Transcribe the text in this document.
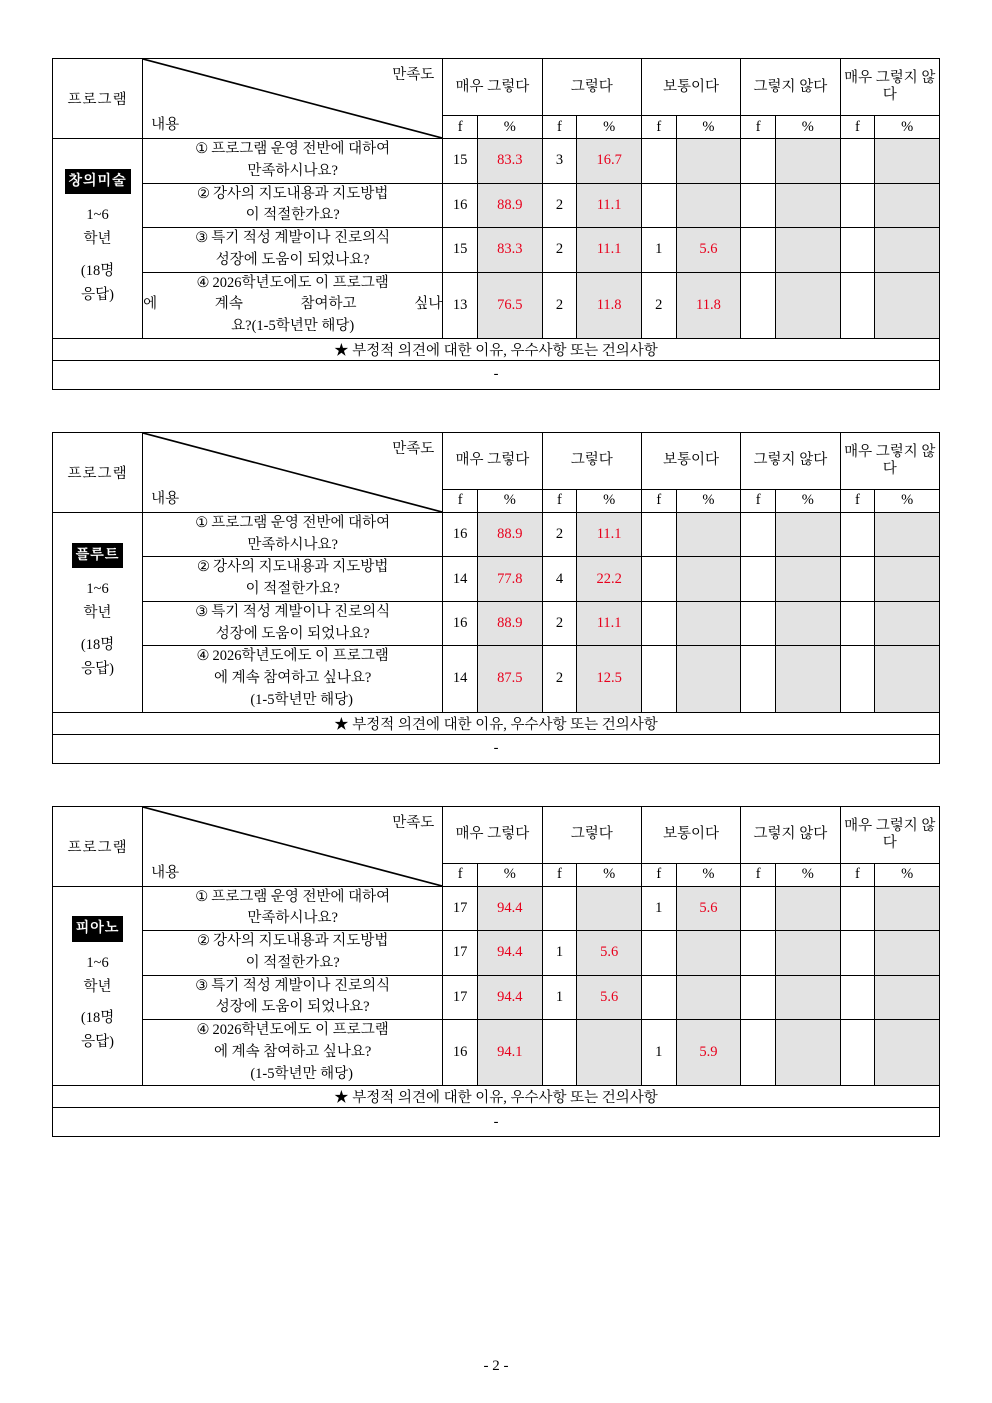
프로그램	만족도
내용	매우 그렇다		그렇다		보통이다		그렇지 않다		매우 그렇지 않다	
		f	%	f	%	f	%	f	%	f	%
창의미술
1~6
학년
(18명
응답)	① 프로그램 운영 전반에 대하여
만족하시나요?	15	83.3	3	16.7						
	② 강사의 지도내용과 지도방법
이 적절한가요?	16	88.9	2	11.1						
	③ 특기 적성 계발이나 진로의식
성장에 도움이 되었나요?	15	83.3	2	11.1	1	5.6				
	④ 2026학년도에도 이 프로그램

에 계속 참여하고 싶나
요?(1-5학년만 해당)	13	76.5	2	11.8	2	11.8				
★ 부정적 의견에 대한 이유, 우수사항 또는 건의사항											
-											
프로그램	만족도
내용	매우 그렇다		그렇다		보통이다		그렇지 않다		매우 그렇지 않다	
		f	%	f	%	f	%	f	%	f	%
플루트
1~6
학년
(18명
응답)	① 프로그램 운영 전반에 대하여
만족하시나요?	16	88.9	2	11.1						
	② 강사의 지도내용과 지도방법
이 적절한가요?	14	77.8	4	22.2						
	③ 특기 적성 계발이나 진로의식
성장에 도움이 되었나요?	16	88.9	2	11.1						
	④ 2026학년도에도 이 프로그램
에 계속 참여하고 싶나요?
(1-5학년만 해당)	14	87.5	2	12.5						
★ 부정적 의견에 대한 이유, 우수사항 또는 건의사항											
-											
프로그램	만족도
내용	매우 그렇다		그렇다		보통이다		그렇지 않다		매우 그렇지 않다	
		f	%	f	%	f	%	f	%	f	%
피아노
1~6
학년
(18명
응답)	① 프로그램 운영 전반에 대하여
만족하시나요?	17	94.4			1	5.6				
	② 강사의 지도내용과 지도방법
이 적절한가요?	17	94.4	1	5.6						
	③ 특기 적성 계발이나 진로의식
성장에 도움이 되었나요?	17	94.4	1	5.6						
	④ 2026학년도에도 이 프로그램
에 계속 참여하고 싶나요?
(1-5학년만 해당)	16	94.1			1	5.9				
★ 부정적 의견에 대한 이유, 우수사항 또는 건의사항											
-											
- 2 -
